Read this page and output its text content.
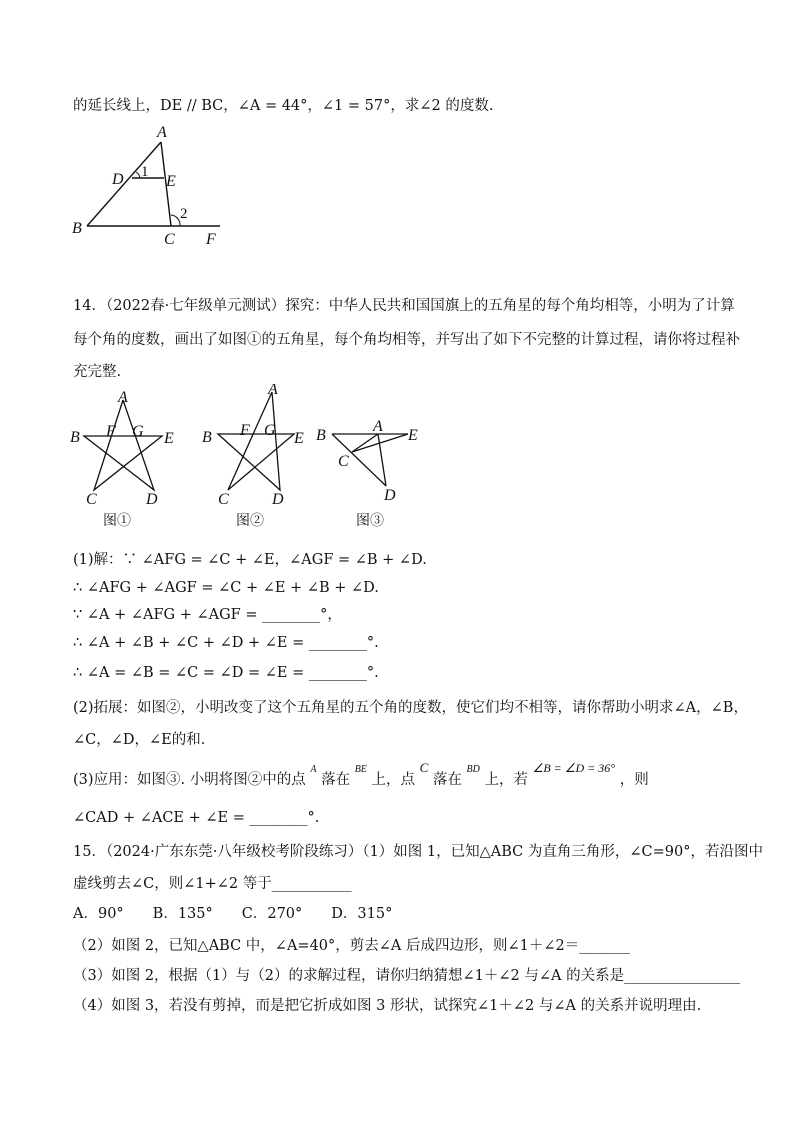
的延长线上，DE // BC，∠A = 44°，∠1 = 57°，求∠2 的度数.
A
B
C
D	E
F
1
2
14．（2022春·七年级单元测试）探究：中华人民共和国国旗上的五角星的每个角均相等，小明为了计算
每个角的度数，画出了如图①的五角星，每个角均相等，并写出了如下不完整的计算过程，请你将过程补
充完整.
A
B F G E
C	D
图①
A
B F G E
C	D
图②
B
A
E
C
D
图③
(1)解：∵ ∠AFG = ∠C + ∠E，∠AGF = ∠B + ∠D.
∴ ∠AFG + ∠AGF = ∠C + ∠E + ∠B + ∠D.
∵ ∠A + ∠AFG + ∠AGF = ________°，
∴ ∠A + ∠B + ∠C + ∠D + ∠E = ________°.
∴ ∠A = ∠B = ∠C = ∠D = ∠E = ________°.
(2)拓展：如图②，小明改变了这个五角星的五个角的度数，使它们均不相等，请你帮助小明求∠A，∠B，
∠C，∠D，∠E的和.
(3)应用：如图③. 小明将图②中的点 $^A$ 落在 $^{BE}$ 上，点 C 落在 $^{BD}$ 上，若 $^{\angle B = \angle D = 36^\circ}$ ，则
∠CAD + ∠ACE + ∠E = ________°.
15．（2024·广东东莞·八年级校考阶段练习）（1）如图 1，已知△ABC 为直角三角形，∠C=90°，若沿图中
虚线剪去∠C，则∠1+∠2 等于___________
A．90°　　B．135°　　C．270°　　D．315°
（2）如图 2，已知△ABC 中，∠A=40°，剪去∠A 后成四边形，则∠1＋∠2＝_______
（3）如图 2，根据（1）与（2）的求解过程，请你归纳猜想∠1＋∠2 与∠A 的关系是________________
（4）如图 3，若没有剪掉，而是把它折成如图 3 形状，试探究∠1＋∠2 与∠A 的关系并说明理由.
